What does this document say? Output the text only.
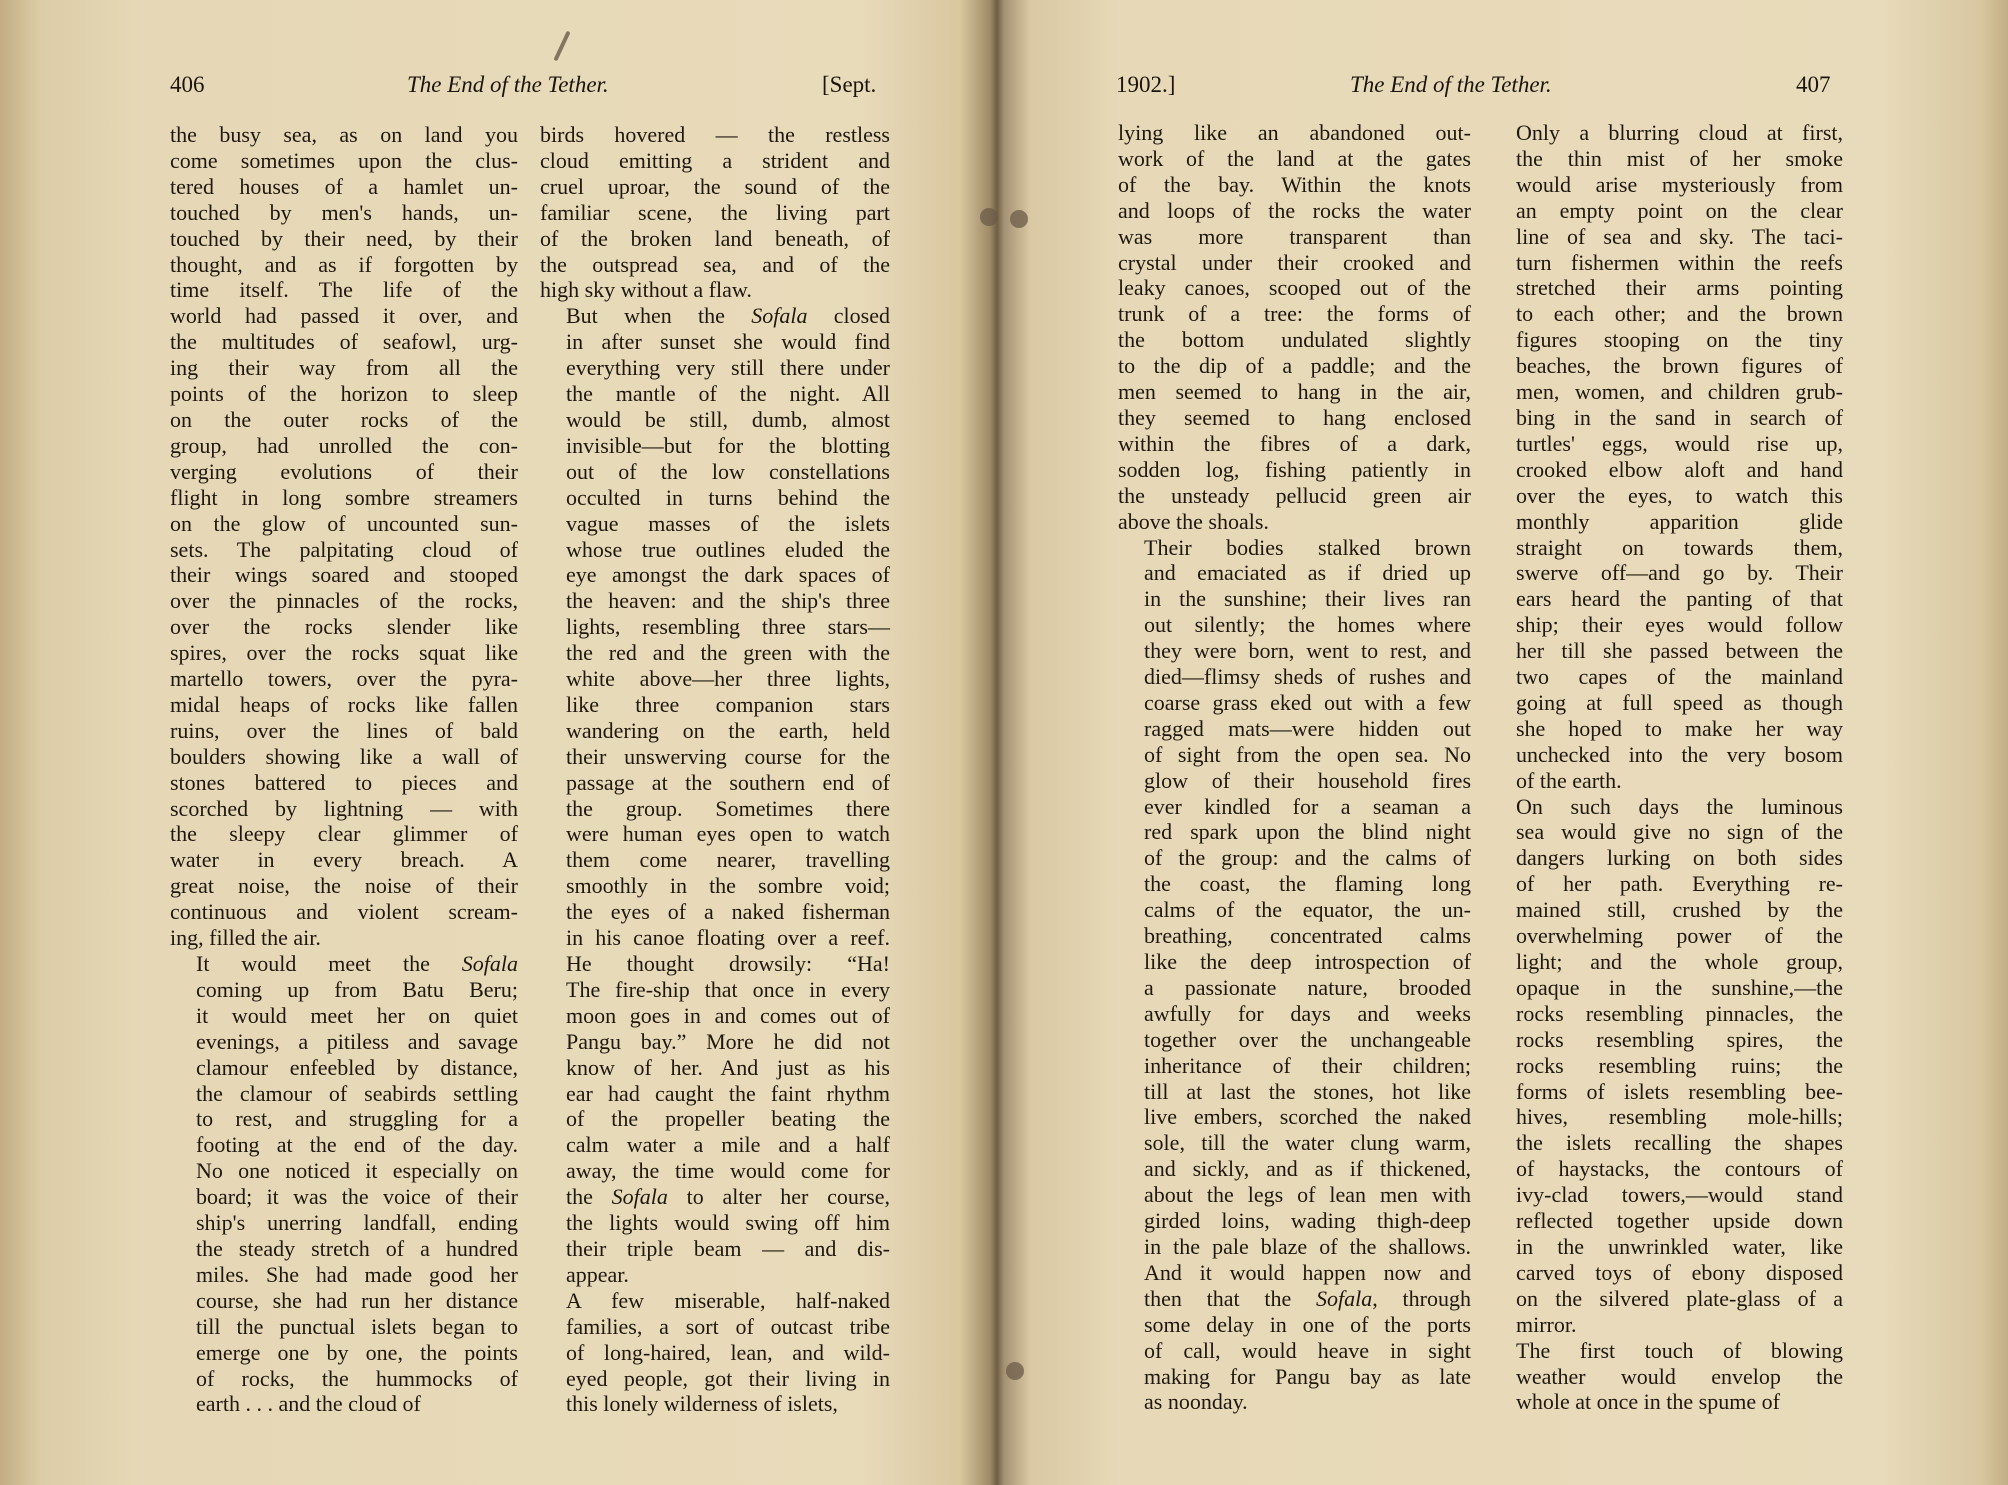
406	The End of the Tether.	[Sept.

the busy sea, as on land you
come sometimes upon the clus-
tered houses of a hamlet un-
touched by men's hands, un-
touched by their need, by their
thought, and as if forgotten by
time itself. The life of the
world had passed it over, and
the multitudes of seafowl, urg-
ing their way from all the
points of the horizon to sleep
on the outer rocks of the
group, had unrolled the con-
verging evolutions of their
flight in long sombre streamers
on the glow of uncounted sun-
sets. The palpitating cloud of
their wings soared and stooped
over the pinnacles of the rocks,
over the rocks slender like
spires, over the rocks squat like
martello towers, over the pyra-
midal heaps of rocks like fallen
ruins, over the lines of bald
boulders showing like a wall of
stones battered to pieces and
scorched by lightning — with
the sleepy clear glimmer of
water in every breach. A
great noise, the noise of their
continuous and violent scream-
ing, filled the air.

It would meet the Sofala
coming up from Batu Beru;
it would meet her on quiet
evenings, a pitiless and savage
clamour enfeebled by distance,
the clamour of seabirds settling
to rest, and struggling for a
footing at the end of the day.
No one noticed it especially on
board; it was the voice of their
ship's unerring landfall, ending
the steady stretch of a hundred
miles. She had made good her
course, she had run her distance
till the punctual islets began to
emerge one by one, the points
of rocks, the hummocks of
earth . . . and the cloud of

birds hovered — the restless
cloud emitting a strident and
cruel uproar, the sound of the
familiar scene, the living part
of the broken land beneath, of
the outspread sea, and of the
high sky without a flaw.

But when the Sofala closed
in after sunset she would find
everything very still there under
the mantle of the night. All
would be still, dumb, almost
invisible—but for the blotting
out of the low constellations
occulted in turns behind the
vague masses of the islets
whose true outlines eluded the
eye amongst the dark spaces of
the heaven: and the ship's three
lights, resembling three stars—
the red and the green with the
white above—her three lights,
like three companion stars
wandering on the earth, held
their unswerving course for the
passage at the southern end of
the group. Sometimes there
were human eyes open to watch
them come nearer, travelling
smoothly in the sombre void;
the eyes of a naked fisherman
in his canoe floating over a reef.
He thought drowsily: “Ha!
The fire-ship that once in every
moon goes in and comes out of
Pangu bay.” More he did not
know of her. And just as his
ear had caught the faint rhythm
of the propeller beating the
calm water a mile and a half
away, the time would come for
the Sofala to alter her course,
the lights would swing off him
their triple beam — and dis-
appear.

A few miserable, half-naked
families, a sort of outcast tribe
of long-haired, lean, and wild-
eyed people, got their living in
this lonely wilderness of islets,

1902.]	The End of the Tether.	407

lying like an abandoned out-
work of the land at the gates
of the bay. Within the knots
and loops of the rocks the water
was more transparent than
crystal under their crooked and
leaky canoes, scooped out of the
trunk of a tree: the forms of
the bottom undulated slightly
to the dip of a paddle; and the
men seemed to hang in the air,
they seemed to hang enclosed
within the fibres of a dark,
sodden log, fishing patiently in
the unsteady pellucid green air
above the shoals.

Their bodies stalked brown
and emaciated as if dried up
in the sunshine; their lives ran
out silently; the homes where
they were born, went to rest, and
died—flimsy sheds of rushes and
coarse grass eked out with a few
ragged mats—were hidden out
of sight from the open sea. No
glow of their household fires
ever kindled for a seaman a
red spark upon the blind night
of the group: and the calms of
the coast, the flaming long
calms of the equator, the un-
breathing, concentrated calms
like the deep introspection of
a passionate nature, brooded
awfully for days and weeks
together over the unchangeable
inheritance of their children;
till at last the stones, hot like
live embers, scorched the naked
sole, till the water clung warm,
and sickly, and as if thickened,
about the legs of lean men with
girded loins, wading thigh-deep
in the pale blaze of the shallows.
And it would happen now and
then that the Sofala, through
some delay in one of the ports
of call, would heave in sight
making for Pangu bay as late
as noonday.

Only a blurring cloud at first,
the thin mist of her smoke
would arise mysteriously from
an empty point on the clear
line of sea and sky. The taci-
turn fishermen within the reefs
stretched their arms pointing
to each other; and the brown
figures stooping on the tiny
beaches, the brown figures of
men, women, and children grub-
bing in the sand in search of
turtles' eggs, would rise up,
crooked elbow aloft and hand
over the eyes, to watch this
monthly apparition glide
straight on towards them,
swerve off—and go by. Their
ears heard the panting of that
ship; their eyes would follow
her till she passed between the
two capes of the mainland
going at full speed as though
she hoped to make her way
unchecked into the very bosom
of the earth.

On such days the luminous
sea would give no sign of the
dangers lurking on both sides
of her path. Everything re-
mained still, crushed by the
overwhelming power of the
light; and the whole group,
opaque in the sunshine,—the
rocks resembling pinnacles, the
rocks resembling spires, the
rocks resembling ruins; the
forms of islets resembling bee-
hives, resembling mole-hills;
the islets recalling the shapes
of haystacks, the contours of
ivy-clad towers,—would stand
reflected together upside down
in the unwrinkled water, like
carved toys of ebony disposed
on the silvered plate-glass of a
mirror.

The first touch of blowing
weather would envelop the
whole at once in the spume of
